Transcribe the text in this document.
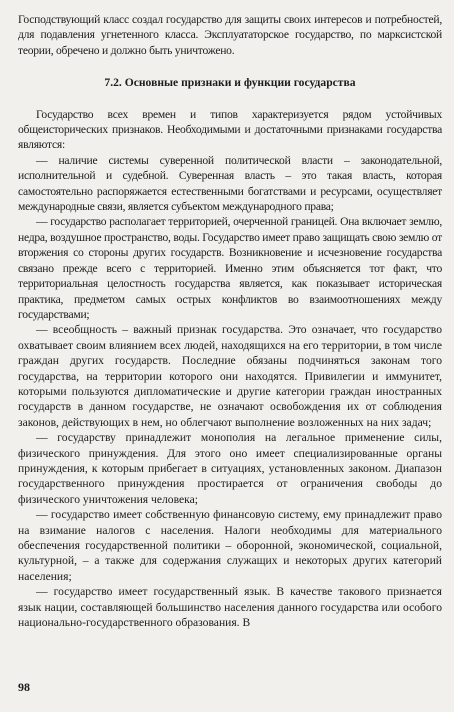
Господствующий класс создал государство для защиты своих интересов и потребностей, для подавления угнетенного класса. Эксплуататорское государство, по марксистской теории, обречено и должно быть уничтожено.

7.2. Основные признаки и функции государства

Государство всех времен и типов характеризуется рядом устойчивых общеисторических признаков. Необходимыми и достаточными признаками государства являются:

— наличие системы суверенной политической власти – законодательной, исполнительной и судебной. Суверенная власть – это такая власть, которая самостоятельно распоряжается естественными богатствами и ресурсами, осуществляет международные связи, является субъектом международного права;

— государство располагает территорией, очерченной границей. Она включает землю, недра, воздушное пространство, воды. Государство имеет право защищать свою землю от вторжения со стороны других государств. Возникновение и исчезновение государства связано прежде всего с территорией. Именно этим объясняется тот факт, что территориальная целостность государства является, как показывает историческая практика, предметом самых острых конфликтов во взаимоотношениях между государствами;

— всеобщность – важный признак государства. Это означает, что государство охватывает своим влиянием всех людей, находящихся на его территории, в том числе граждан других государств. Последние обязаны подчиняться законам того государства, на территории которого они находятся. Привилегии и иммунитет, которыми пользуются дипломатические и другие категории граждан иностранных государств в данном государстве, не означают освобождения их от соблюдения законов, действующих в нем, но облегчают выполнение возложенных на них задач;

— государству принадлежит монополия на легальное применение силы, физического принуждения. Для этого оно имеет специализированные органы принуждения, к которым прибегает в ситуациях, установленных законом. Диапазон государственного принуждения простирается от ограничения свободы до физического уничтожения человека;

— государство имеет собственную финансовую систему, ему принадлежит право на взимание налогов с населения. Налоги необходимы для материального обеспечения государственной политики – оборонной, экономической, социальной, культурной, – а также для содержания служащих и некоторых других категорий населения;

— государство имеет государственный язык. В качестве такового признается язык нации, составляющей большинство населения данного государства или особого национально-государственного образования. В

98
